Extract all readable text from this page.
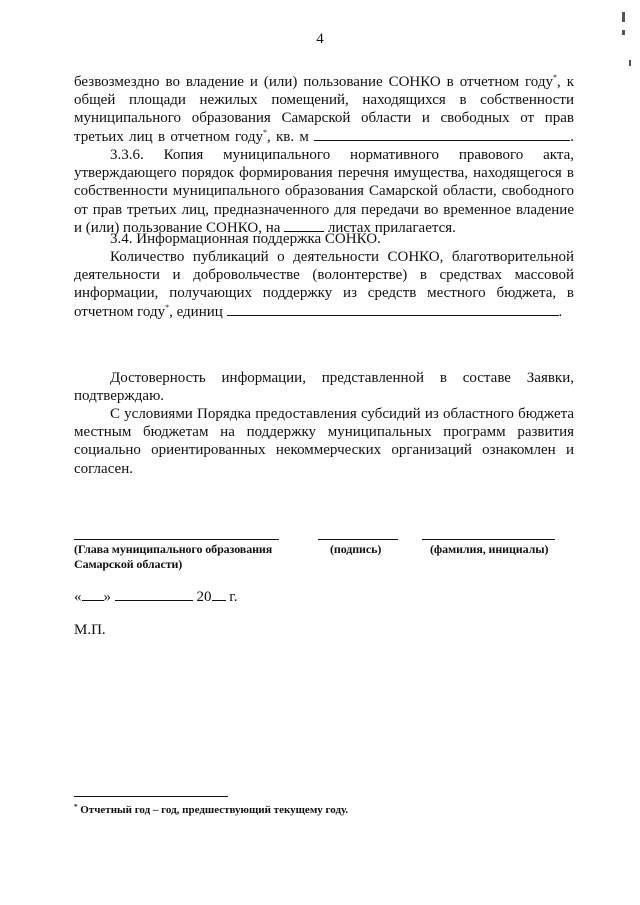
4

безвозмездно во владение и (или) пользование СОНКО в отчетном году*, к общей площади нежилых помещений, находящихся в собственности муниципального образования Самарской области и свободных от прав третьих лиц в отчетном году*, кв. м	.

3.3.6. Копия муниципального нормативного правового акта, утверждающего порядок формирования перечня имущества, находящегося в собственности муниципального образования Самарской области, свободного от прав третьих лиц, предназначенного для передачи во временное владение и (или) пользование СОНКО, на	листах прилагается.

3.4. Информационная поддержка СОНКО.

Количество публикаций о деятельности СОНКО, благотворительной деятельности и добровольчестве (волонтерстве) в средствах массовой информации, получающих поддержку из средств местного бюджета, в отчетном году*, единиц	.

Достоверность информации, представленной в составе Заявки, подтверждаю.

С условиями Порядка предоставления субсидий из областного бюджета местным бюджетам на поддержку муниципальных программ развития социально ориентированных некоммерческих организаций ознакомлен и согласен.

(Глава муниципального образования
Самарской области)
(подпись)	(фамилия, инициалы)
« »	20 г.
М.П.
* Отчетный год – год, предшествующий текущему году.
